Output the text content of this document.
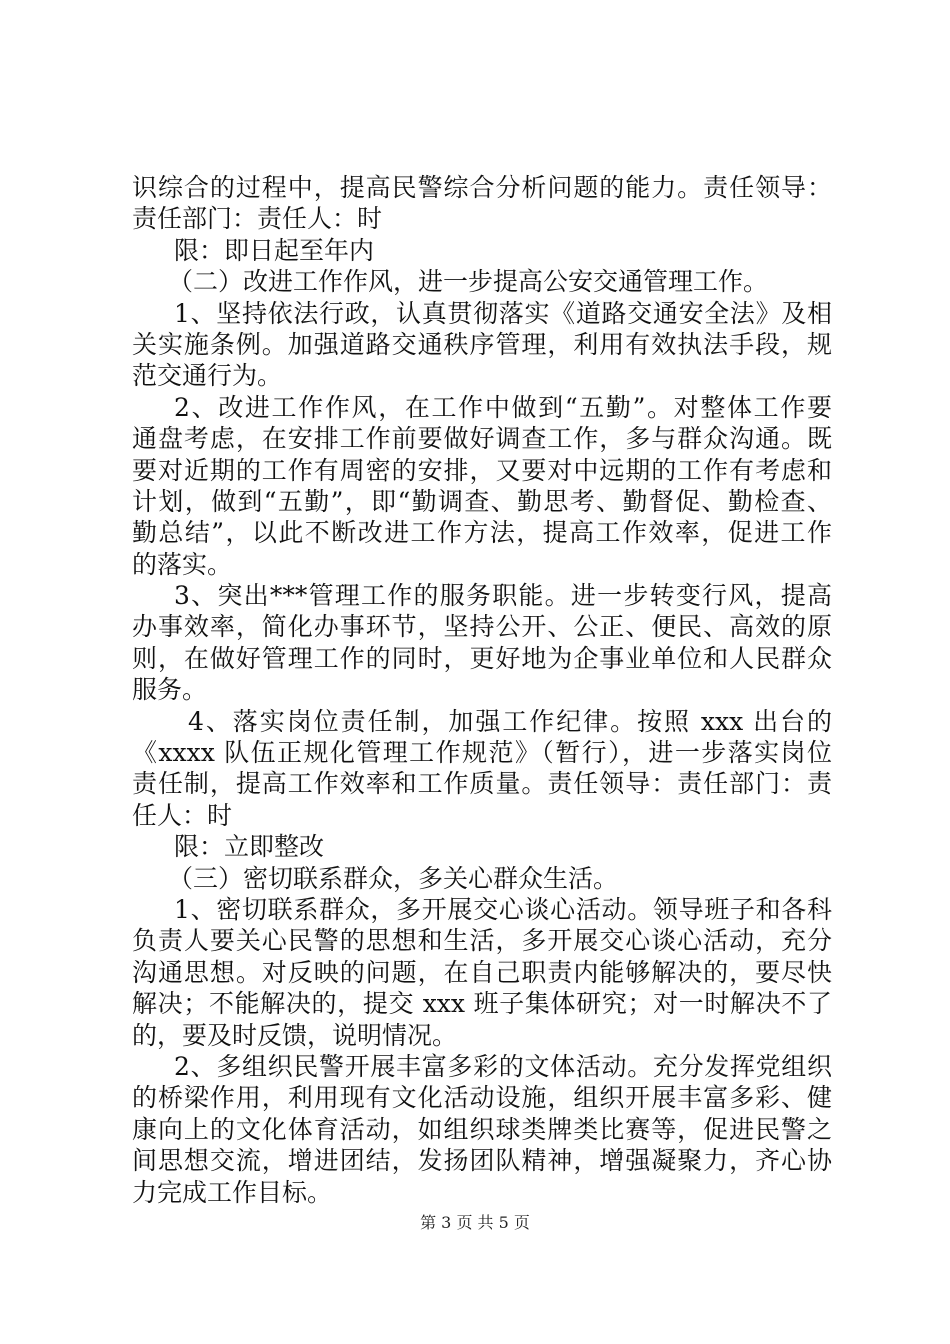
识综合的过程中，提高民警综合分析问题的能力。责任领导：
责任部门：责任人：时
限：即日起至年内
（二）改进工作作风，进一步提高公安交通管理工作。
1、坚持依法行政，认真贯彻落实《道路交通安全法》及相
关实施条例。加强道路交通秩序管理，利用有效执法手段，规
范交通行为。
2、改进工作作风，在工作中做到“五勤”。对整体工作要
通盘考虑，在安排工作前要做好调查工作，多与群众沟通。既
要对近期的工作有周密的安排，又要对中远期的工作有考虑和
计划，做到“五勤”，即“勤调查、勤思考、勤督促、勤检查、
勤总结”，以此不断改进工作方法，提高工作效率，促进工作
的落实。
3、突出***管理工作的服务职能。进一步转变行风，提高
办事效率，简化办事环节，坚持公开、公正、便民、高效的原
则，在做好管理工作的同时，更好地为企事业单位和人民群众
服务。
4、落实岗位责任制，加强工作纪律。按照 xxx 出台的
《xxxx 队伍正规化管理工作规范》（暂行），进一步落实岗位
责任制，提高工作效率和工作质量。责任领导：责任部门：责
任人：时
限：立即整改
（三）密切联系群众，多关心群众生活。
1、密切联系群众，多开展交心谈心活动。领导班子和各科
负责人要关心民警的思想和生活，多开展交心谈心活动，充分
沟通思想。对反映的问题，在自己职责内能够解决的，要尽快
解决；不能解决的，提交 xxx 班子集体研究；对一时解决不了
的，要及时反馈，说明情况。
2、多组织民警开展丰富多彩的文体活动。充分发挥党组织
的桥梁作用，利用现有文化活动设施，组织开展丰富多彩、健
康向上的文化体育活动，如组织球类牌类比赛等，促进民警之
间思想交流，增进团结，发扬团队精神，增强凝聚力，齐心协
力完成工作目标。
第 3 页 共 5 页
